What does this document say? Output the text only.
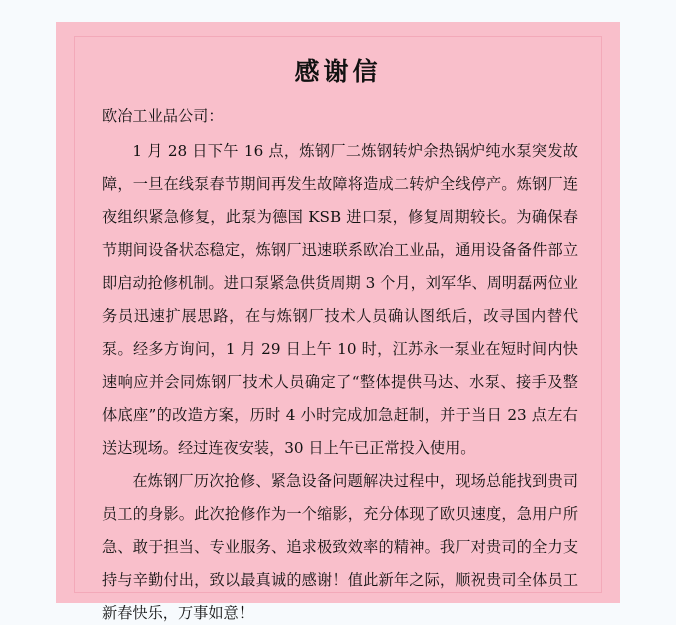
感谢信

欧冶工业品公司：

1 月 28 日下午 16 点，炼钢厂二炼钢转炉余热锅炉纯水泵突发故障，一旦在线泵春节期间再发生故障将造成二转炉全线停产。炼钢厂连夜组织紧急修复，此泵为德国 KSB 进口泵，修复周期较长。为确保春节期间设备状态稳定，炼钢厂迅速联系欧冶工业品，通用设备备件部立即启动抢修机制。进口泵紧急供货周期 3 个月，刘军华、周明磊两位业务员迅速扩展思路，在与炼钢厂技术人员确认图纸后，改寻国内替代泵。经多方询问，1 月 29 日上午 10 时，江苏永一泵业在短时间内快速响应并会同炼钢厂技术人员确定了“整体提供马达、水泵、接手及整体底座”的改造方案，历时 4 小时完成加急赶制，并于当日 23 点左右送达现场。经过连夜安装，30 日上午已正常投入使用。

在炼钢厂历次抢修、紧急设备问题解决过程中，现场总能找到贵司员工的身影。此次抢修作为一个缩影，充分体现了欧贝速度，急用户所急、敢于担当、专业服务、追求极致效率的精神。我厂对贵司的全力支持与辛勤付出，致以最真诚的感谢！值此新年之际，顺祝贵司全体员工新春快乐，万事如意！
